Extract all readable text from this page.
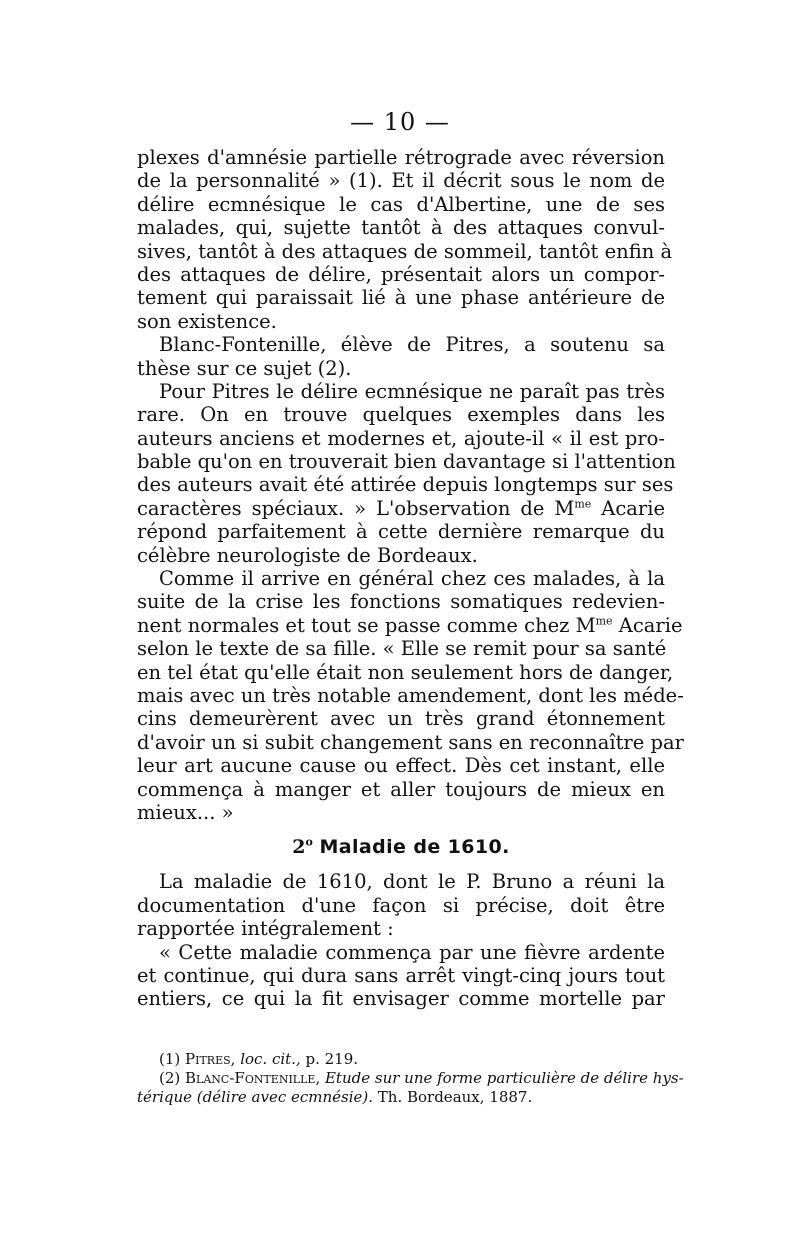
— 10 —
plexes d'amnésie partielle rétrograde avec réversion
de la personnalité » (1). Et il décrit sous le nom de
délire ecmnésique le cas d'Albertine, une de ses
malades, qui, sujette tantôt à des attaques convul-
sives, tantôt à des attaques de sommeil, tantôt enfin à
des attaques de délire, présentait alors un compor-
tement qui paraissait lié à une phase antérieure de
son existence.
Blanc-Fontenille, élève de Pitres, a soutenu sa
thèse sur ce sujet (2).
Pour Pitres le délire ecmnésique ne paraît pas très
rare. On en trouve quelques exemples dans les
auteurs anciens et modernes et, ajoute-il « il est pro-
bable qu'on en trouverait bien davantage si l'attention
des auteurs avait été attirée depuis longtemps sur ses
caractères spéciaux. » L'observation de $M^{me}$ Acarie
répond parfaitement à cette dernière remarque du
célèbre neurologiste de Bordeaux.
Comme il arrive en général chez ces malades, à la
suite de la crise les fonctions somatiques redevien-
nent normales et tout se passe comme chez $M^{me}$ Acarie
selon le texte de sa fille. « Elle se remit pour sa santé
en tel état qu'elle était non seulement hors de danger,
mais avec un très notable amendement, dont les méde-
cins demeurèrent avec un très grand étonnement
d'avoir un si subit changement sans en reconnaître par
leur art aucune cause ou effect. Dès cet instant, elle
commença à manger et aller toujours de mieux en
mieux... »
2$^o$ Maladie de 1610.
La maladie de 1610, dont le P. Bruno a réuni la
documentation d'une façon si précise, doit être
rapportée intégralement :
« Cette maladie commença par une fièvre ardente
et continue, qui dura sans arrêt vingt-cinq jours tout
entiers, ce qui la fit envisager comme mortelle par
(1) Pitres, loc. cit., p. 219.
(2) Blanc-Fontenille, Etude sur une forme particulière de délire hys-
térique (délire avec ecmnésie). Th. Bordeaux, 1887.
